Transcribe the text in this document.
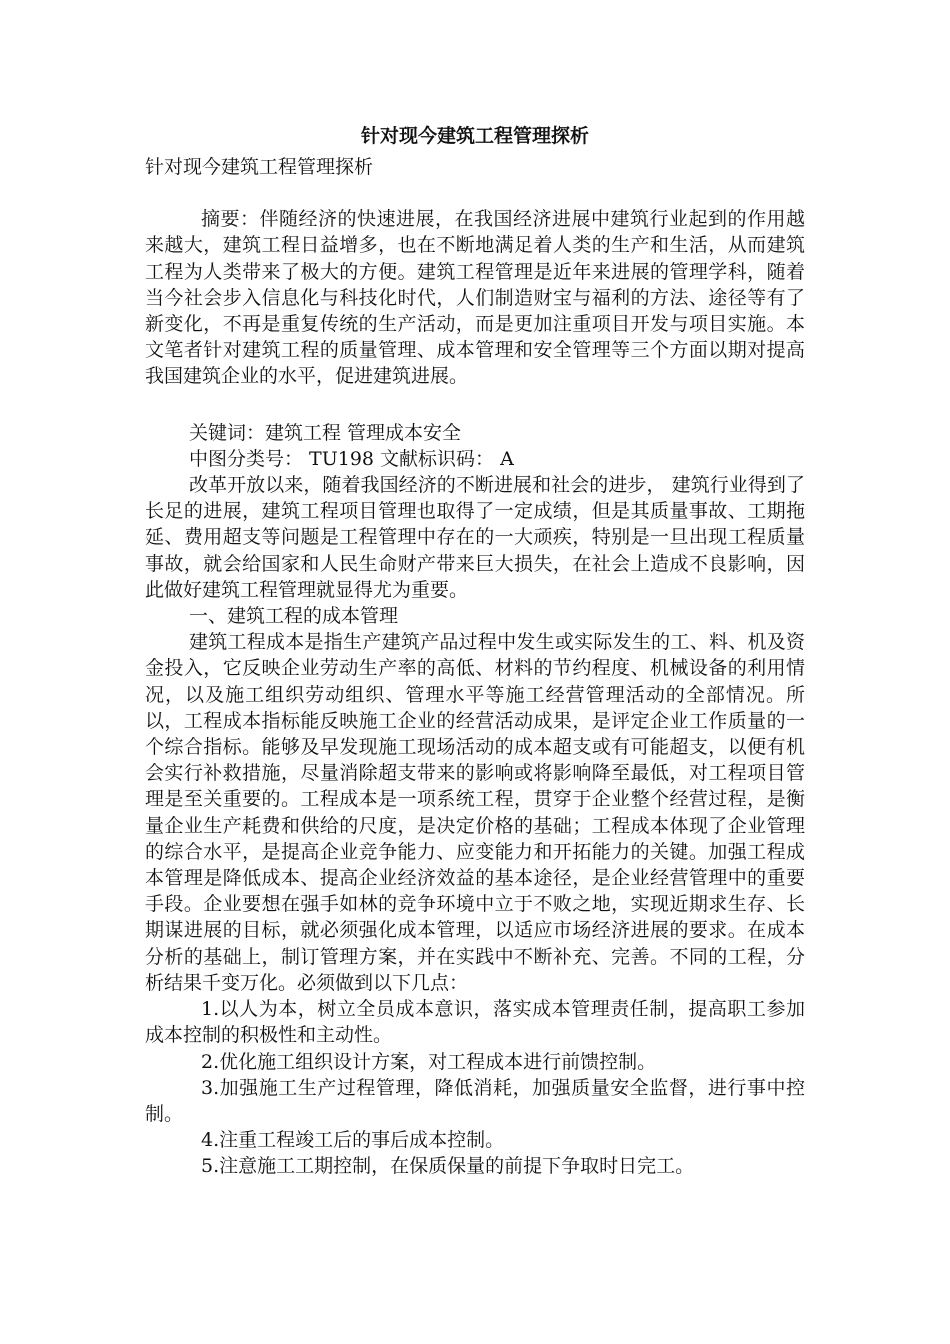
针对现今建筑工程管理探析

针对现今建筑工程管理探析

摘要：伴随经济的快速进展，在我国经济进展中建筑行业起到的作用越来越大，建筑工程日益增多，也在不断地满足着人类的生产和生活，从而建筑工程为人类带来了极大的方便。建筑工程管理是近年来进展的管理学科，随着当今社会步入信息化与科技化时代，人们制造财宝与福利的方法、途径等有了新变化，不再是重复传统的生产活动，而是更加注重项目开发与项目实施。本文笔者针对建筑工程的质量管理、成本管理和安全管理等三个方面以期对提高我国建筑企业的水平，促进建筑进展。

关键词：建筑工程 管理成本安全

中图分类号： TU198 文献标识码： A

改革开放以来，随着我国经济的不断进展和社会的进步， 建筑行业得到了长足的进展，建筑工程项目管理也取得了一定成绩，但是其质量事故、工期拖延、费用超支等问题是工程管理中存在的一大顽疾，特别是一旦出现工程质量事故，就会给国家和人民生命财产带来巨大损失，在社会上造成不良影响，因此做好建筑工程管理就显得尤为重要。

一、建筑工程的成本管理

建筑工程成本是指生产建筑产品过程中发生或实际发生的工、料、机及资金投入，它反映企业劳动生产率的高低、材料的节约程度、机械设备的利用情况，以及施工组织劳动组织、管理水平等施工经营管理活动的全部情况。所以，工程成本指标能反映施工企业的经营活动成果，是评定企业工作质量的一个综合指标。能够及早发现施工现场活动的成本超支或有可能超支，以便有机会实行补救措施，尽量消除超支带来的影响或将影响降至最低，对工程项目管理是至关重要的。工程成本是一项系统工程，贯穿于企业整个经营过程，是衡量企业生产耗费和供给的尺度，是决定价格的基础；工程成本体现了企业管理的综合水平，是提高企业竞争能力、应变能力和开拓能力的关键。加强工程成本管理是降低成本、提高企业经济效益的基本途径，是企业经营管理中的重要手段。企业要想在强手如林的竞争环境中立于不败之地，实现近期求生存、长期谋进展的目标，就必须强化成本管理，以适应市场经济进展的要求。在成本分析的基础上，制订管理方案，并在实践中不断补充、完善。不同的工程，分析结果千变万化。必须做到以下几点：

1.以人为本，树立全员成本意识，落实成本管理责任制，提高职工参加成本控制的积极性和主动性。

2.优化施工组织设计方案，对工程成本进行前馈控制。

3.加强施工生产过程管理，降低消耗，加强质量安全监督，进行事中控制。

4.注重工程竣工后的事后成本控制。

5.注意施工工期控制，在保质保量的前提下争取时日完工。
